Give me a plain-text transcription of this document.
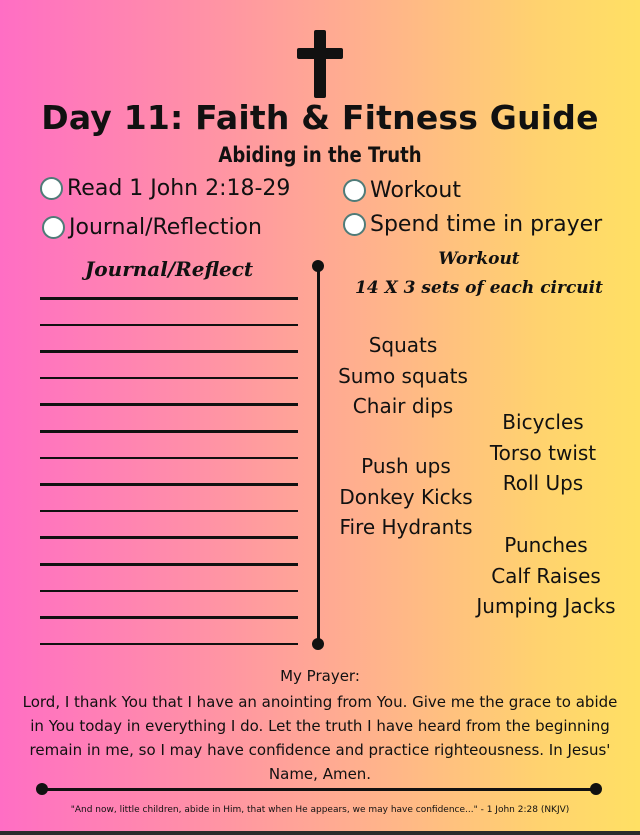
Day 11: Faith & Fitness Guide
Abiding in the Truth
Read 1 John 2:18-29	Workout
Journal/Reflection	Spend time in prayer
Journal/Reflect	Workout
14 X 3 sets of each circuit
Squats
Sumo squats
Chair dips
Bicycles
Torso twist
Roll Ups
Push ups
Donkey Kicks
Fire Hydrants
Punches
Calf Raises
Jumping Jacks
My Prayer:
Lord, I thank You that I have an anointing from You. Give me the grace to abide in You today in everything I do. Let the truth I have heard from the beginning remain in me, so I may have confidence and practice righteousness. In Jesus' Name, Amen.
"And now, little children, abide in Him, that when He appears, we may have confidence..." - 1 John 2:28 (NKJV)
